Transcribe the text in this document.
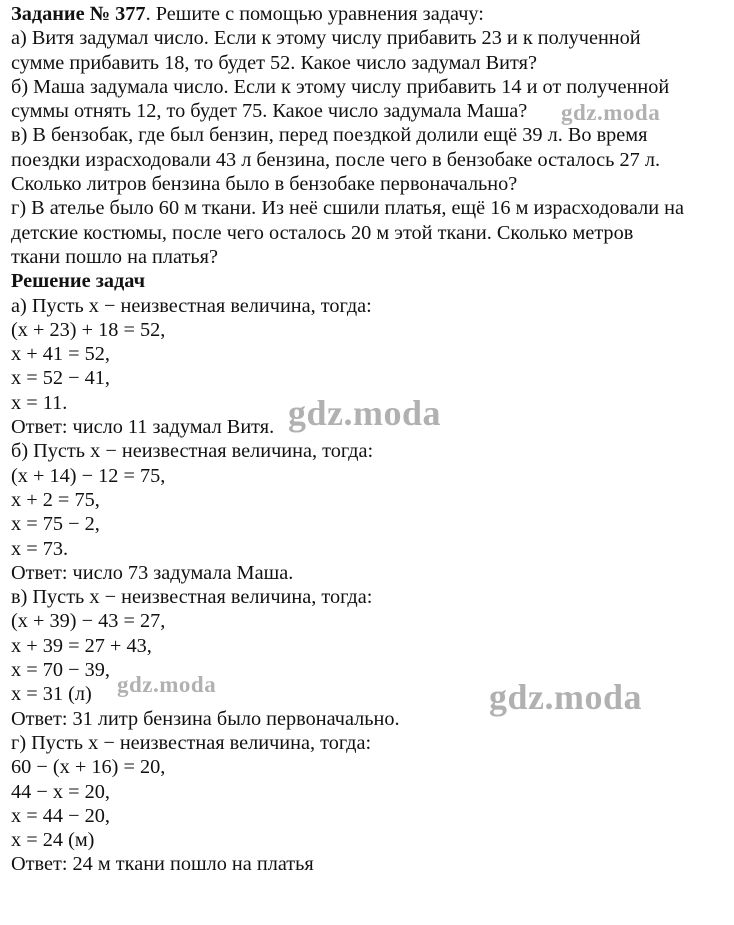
Задание № 377. Решите с помощью уравнения задачу:
а) Витя задумал число. Если к этому числу прибавить 23 и к полученной
сумме прибавить 18, то будет 52. Какое число задумал Витя?
б) Маша задумала число. Если к этому числу прибавить 14 и от полученной
суммы отнять 12, то будет 75. Какое число задумала Маша?
в) В бензобак, где был бензин, перед поездкой долили ещё 39 л. Во время
поездки израсходовали 43 л бензина, после чего в бензобаке осталось 27 л.
Сколько литров бензина было в бензобаке первоначально?
г) В ателье было 60 м ткани. Из неё сшили платья, ещё 16 м израсходовали на
детские костюмы, после чего осталось 20 м этой ткани. Сколько метров
ткани пошло на платья?
Решение задач
а) Пусть x − неизвестная величина, тогда:
(x + 23) + 18 = 52,
x + 41 = 52,
x = 52 − 41,
x = 11.
Ответ: число 11 задумал Витя.
б) Пусть x − неизвестная величина, тогда:
(x + 14) − 12 = 75,
x + 2 = 75,
x = 75 − 2,
x = 73.
Ответ: число 73 задумала Маша.
в) Пусть x − неизвестная величина, тогда:
(x + 39) − 43 = 27,
x + 39 = 27 + 43,
x = 70 − 39,
x = 31 (л)
Ответ: 31 литр бензина было первоначально.
г) Пусть x − неизвестная величина, тогда:
60 − (x + 16) = 20,
44 − x = 20,
x = 44 − 20,
x = 24 (м)
Ответ: 24 м ткани пошло на платья
gdz.moda
gdz.moda
gdz.moda	gdz.moda
